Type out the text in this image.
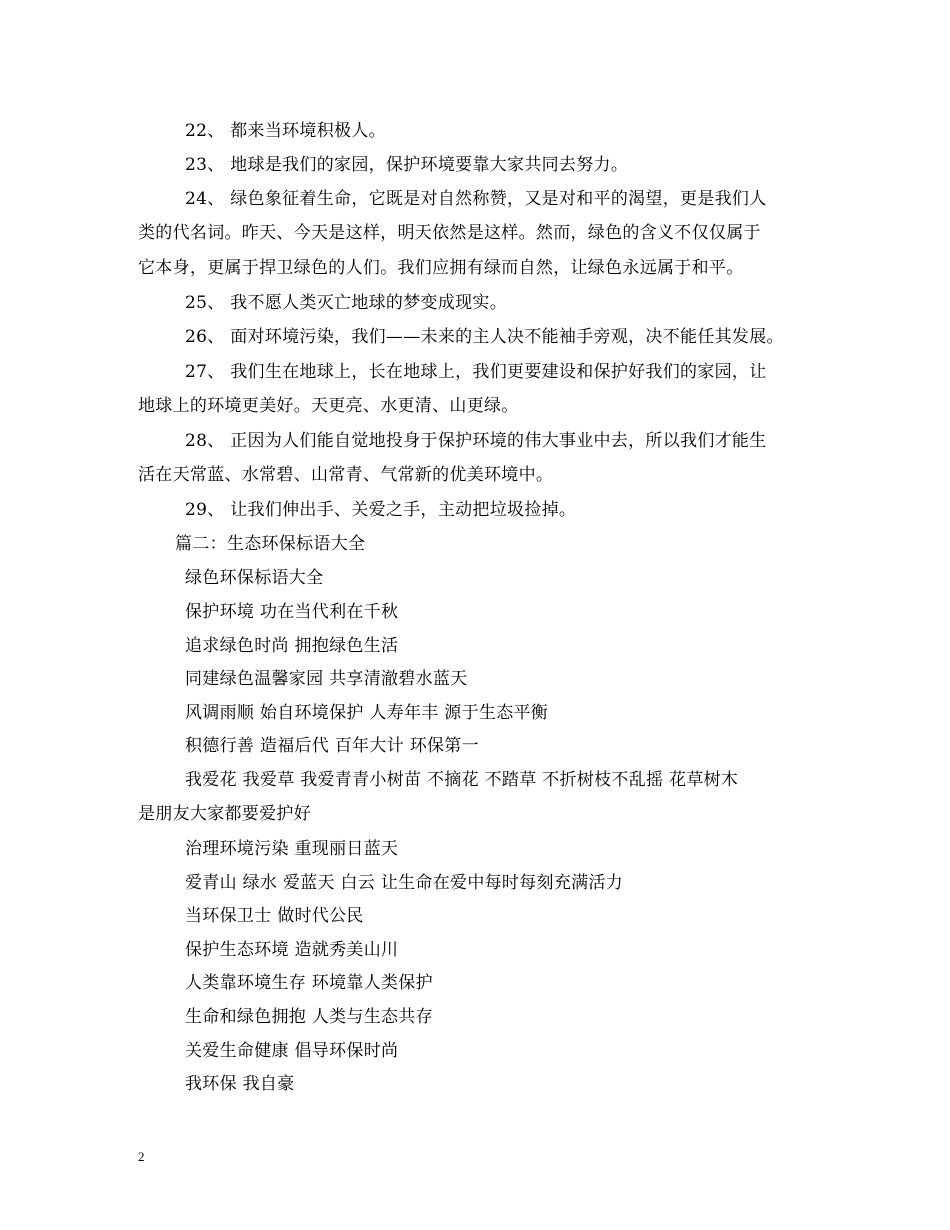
22、 都来当环境积极人。
23、 地球是我们的家园，保护环境要靠大家共同去努力。
24、 绿色象征着生命，它既是对自然称赞，又是对和平的渴望，更是我们人
类的代名词。昨天、今天是这样，明天依然是这样。然而，绿色的含义不仅仅属于
它本身，更属于捍卫绿色的人们。我们应拥有绿而自然，让绿色永远属于和平。
25、 我不愿人类灭亡地球的梦变成现实。
26、 面对环境污染，我们——未来的主人决不能袖手旁观，决不能任其发展。
27、 我们生在地球上，长在地球上，我们更要建设和保护好我们的家园，让
地球上的环境更美好。天更亮、水更清、山更绿。
28、 正因为人们能自觉地投身于保护环境的伟大事业中去，所以我们才能生
活在天常蓝、水常碧、山常青、气常新的优美环境中。
29、 让我们伸出手、关爱之手，主动把垃圾捡掉。
篇二：生态环保标语大全
绿色环保标语大全
保护环境 功在当代利在千秋
追求绿色时尚 拥抱绿色生活
同建绿色温馨家园 共享清澈碧水蓝天
风调雨顺 始自环境保护 人寿年丰 源于生态平衡
积德行善 造福后代 百年大计 环保第一
我爱花 我爱草 我爱青青小树苗 不摘花 不踏草 不折树枝不乱摇 花草树木
是朋友大家都要爱护好
治理环境污染 重现丽日蓝天
爱青山 绿水 爱蓝天 白云 让生命在爱中每时每刻充满活力
当环保卫士 做时代公民
保护生态环境 造就秀美山川
人类靠环境生存 环境靠人类保护
生命和绿色拥抱 人类与生态共存
关爱生命健康 倡导环保时尚
我环保 我自豪
2
